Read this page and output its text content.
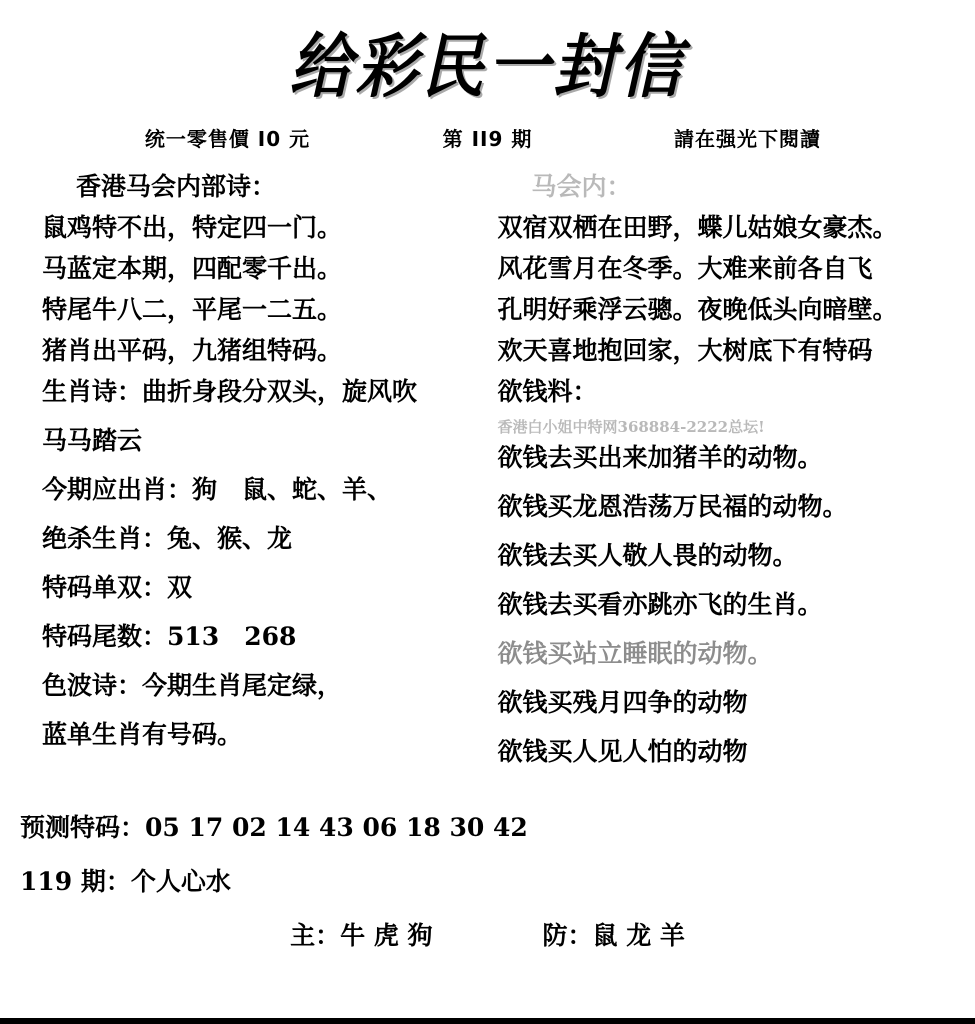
给彩民一封信
统一零售價 I0 元	第 II9 期	請在强光下閱讀
香港马会内部诗：
鼠鸡特不出，特定四一门。
马蓝定本期，四配零千出。
特尾牛八二，平尾一二五。
猪肖出平码，九猪组特码。
生肖诗：曲折身段分双头，旋风吹
马马踏云
今期应出肖：狗　鼠、蛇、羊、
绝杀生肖：兔、猴、龙
特码单双：双
特码尾数：513　268
色波诗：今期生肖尾定绿，
蓝单生肖有号码。
马会内：
双宿双栖在田野，蝶儿姑娘女豪杰。
风花雪月在冬季。大难来前各自飞
孔明好乘浮云骢。夜晚低头向暗壁。
欢天喜地抱回家，大树底下有特码
欲钱料：
香港白小姐中特网368884-2222总坛!
欲钱去买出来加猪羊的动物。
欲钱买龙恩浩荡万民福的动物。
欲钱去买人敬人畏的动物。
欲钱去买看亦跳亦飞的生肖。
欲钱买站立睡眠的动物。
欲钱买残月四争的动物
欲钱买人见人怕的动物
预测特码：05 17 02 14 43 06 18 30 42
119 期：个人心水
主：牛 虎 狗	防：鼠 龙 羊
